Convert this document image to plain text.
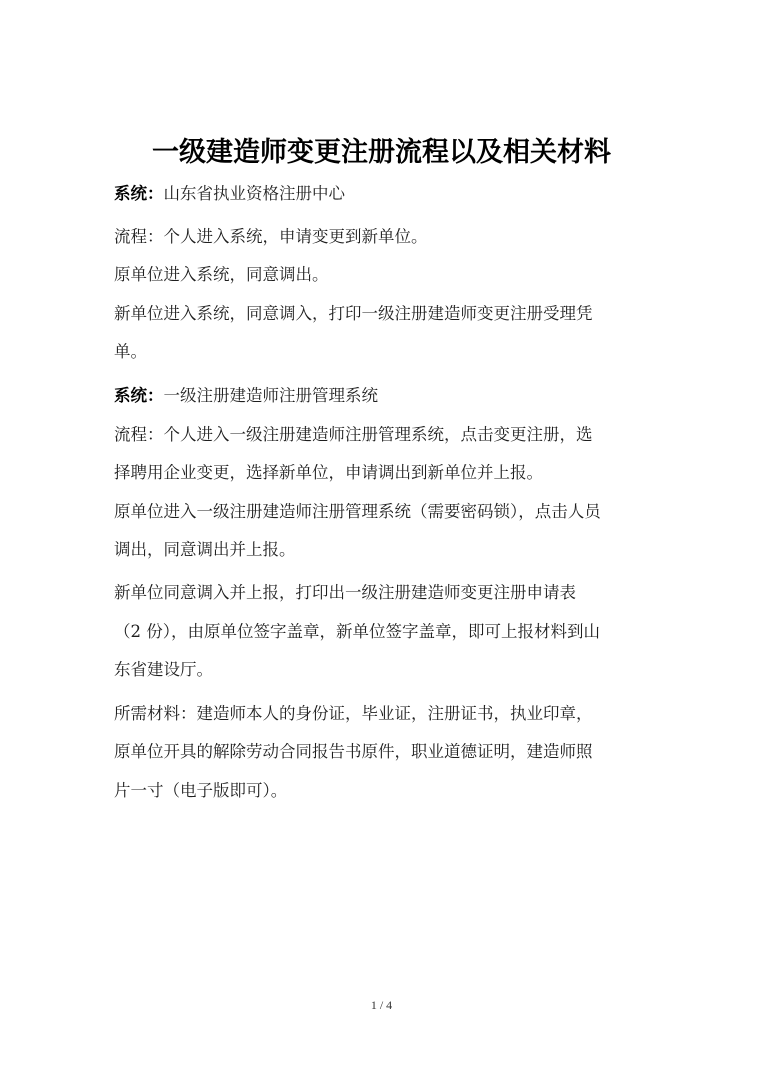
一级建造师变更注册流程以及相关材料
系统：山东省执业资格注册中心
流程：个人进入系统，申请变更到新单位。
原单位进入系统，同意调出。
新单位进入系统，同意调入，打印一级注册建造师变更注册受理凭
单。
系统：一级注册建造师注册管理系统
流程：个人进入一级注册建造师注册管理系统，点击变更注册，选
择聘用企业变更，选择新单位，申请调出到新单位并上报。
原单位进入一级注册建造师注册管理系统（需要密码锁），点击人员
调出，同意调出并上报。
新单位同意调入并上报，打印出一级注册建造师变更注册申请表
（2 份），由原单位签字盖章，新单位签字盖章，即可上报材料到山
东省建设厅。
所需材料：建造师本人的身份证，毕业证，注册证书，执业印章，
原单位开具的解除劳动合同报告书原件，职业道德证明，建造师照
片一寸（电子版即可）。
1 / 4
